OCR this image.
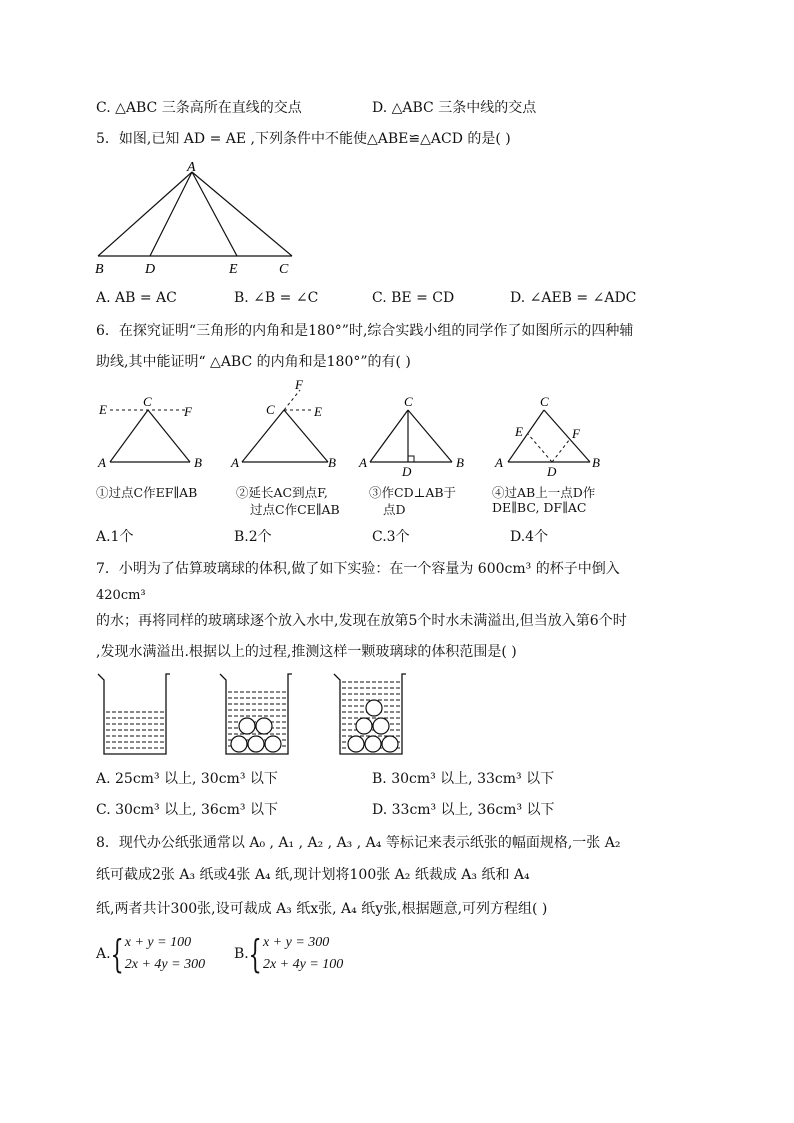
C. △ABC 三条高所在直线的交点	D. △ABC 三条中线的交点
5．如图,已知 AD = AE ,下列条件中不能使△ABE≌△ACD 的是( )
A
B	D	E	C
A. AB = AC	B. ∠B = ∠C	C. BE = CD	D. ∠AEB = ∠ADC
6．在探究证明“三角形的内角和是180°”时,综合实践小组的同学作了如图所示的四种辅
助线,其中能证明“ △ABC 的内角和是180°”的有( )
E
C
F
A	B
F
C	E
A	B
C
A	B
D
C
E	F
A	B
D
①过点C作EF∥AB	②延长AC到点F,
过点C作CE∥AB
③作CD⊥AB于
点D
④过AB上一点D作
DE∥BC, DF∥AC
A.1个	B.2个	C.3个	D.4个
7．小明为了估算玻璃球的体积,做了如下实验：在一个容量为 600cm³ 的杯子中倒入
420cm³
的水；再将同样的玻璃球逐个放入水中,发现在放第5个时水未满溢出,但当放入第6个时
,发现水满溢出.根据以上的过程,推测这样一颗玻璃球的体积范围是( )
A. 25cm³ 以上, 30cm³ 以下	B. 30cm³ 以上, 33cm³ 以下
C. 30cm³ 以上, 36cm³ 以下	D. 33cm³ 以上, 36cm³ 以下
8．现代办公纸张通常以 A₀ , A₁ , A₂ , A₃ , A₄ 等标记来表示纸张的幅面规格,一张 A₂
纸可截成2张 A₃ 纸或4张 A₄ 纸,现计划将100张 A₂ 纸裁成 A₃ 纸和 A₄
纸,两者共计300张,设可裁成 A₃ 纸x张, A₄ 纸y张,根据题意,可列方程组( )
A. { x + y = 100
2x + 4y = 300
B. { x + y = 300
2x + 4y = 100
